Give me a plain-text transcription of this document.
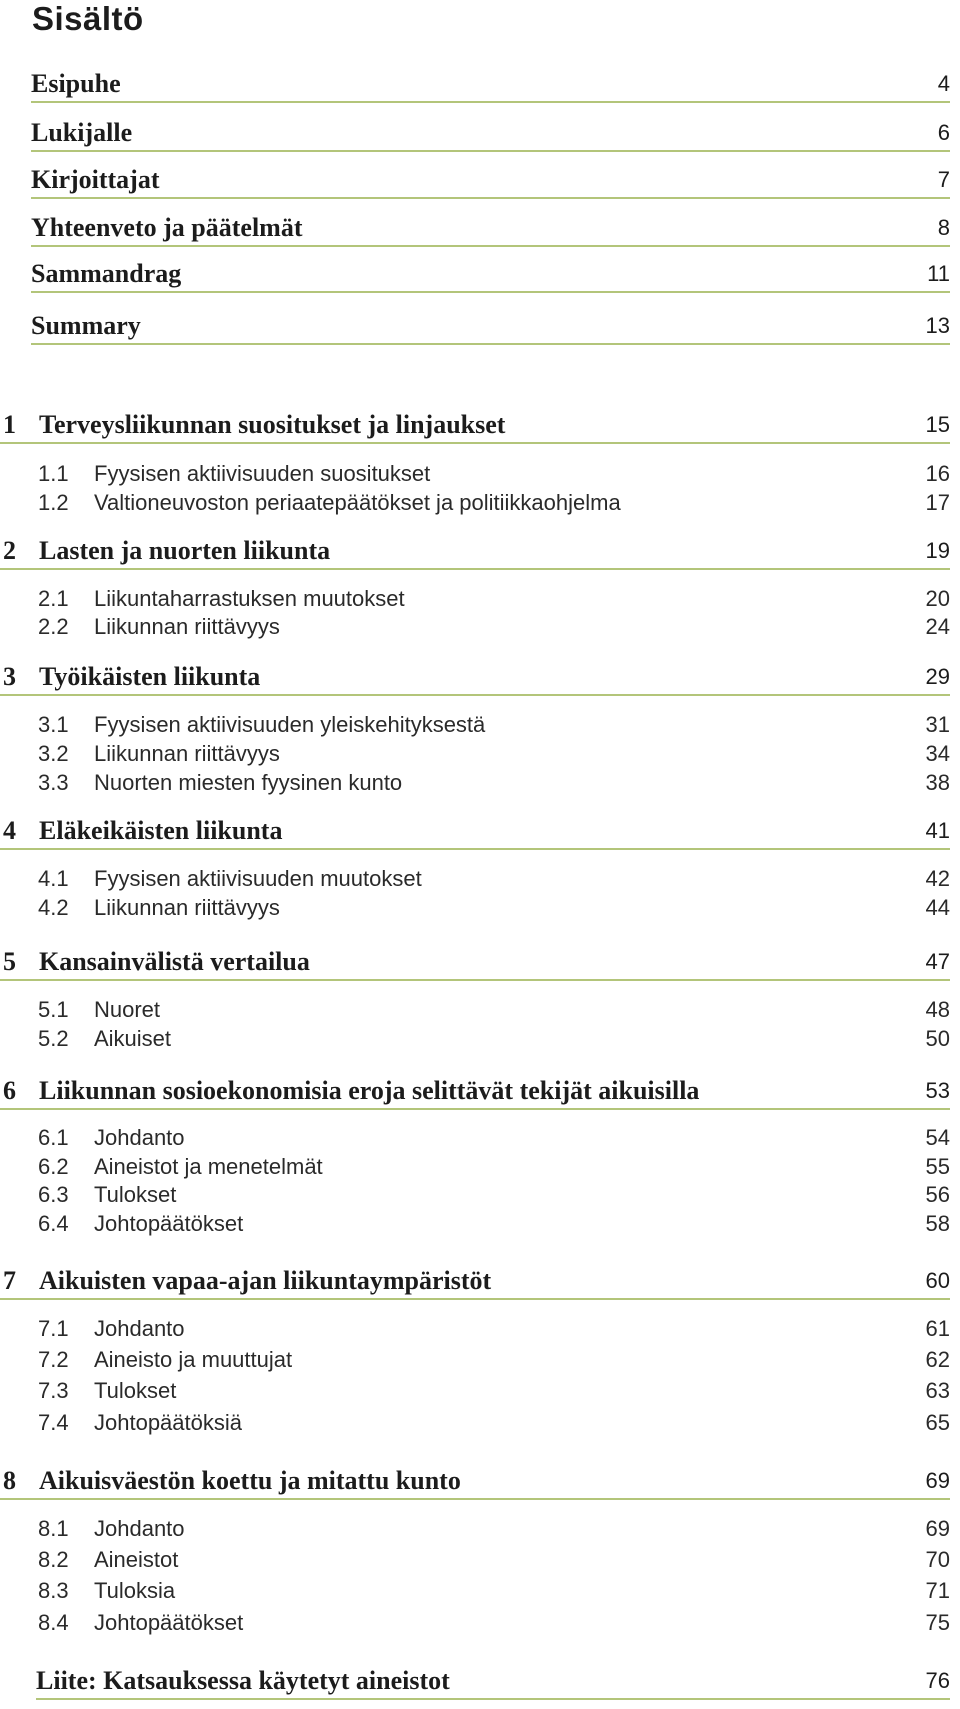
Sisältö
Esipuhe	4
Lukijalle	6
Kirjoittajat	7
Yhteenveto ja päätelmät	8
Sammandrag	11
Summary	13
1 Terveysliikunnan suositukset ja linjaukset	15
1.1	Fyysisen aktiivisuuden suositukset	16
1.2	Valtioneuvoston periaatepäätökset ja politiikkaohjelma	17
2 Lasten ja nuorten liikunta	19
2.1	Liikuntaharrastuksen muutokset	20
2.2	Liikunnan riittävyys	24
3 Työikäisten liikunta	29
3.1	Fyysisen aktiivisuuden yleiskehityksestä	31
3.2	Liikunnan riittävyys	34
3.3	Nuorten miesten fyysinen kunto	38
4 Eläkeikäisten liikunta	41
4.1	Fyysisen aktiivisuuden muutokset	42
4.2	Liikunnan riittävyys	44
5 Kansainvälistä vertailua	47
5.1	Nuoret	48
5.2	Aikuiset	50
6 Liikunnan sosioekonomisia eroja selittävät tekijät aikuisilla	53
6.1	Johdanto	54
6.2	Aineistot ja menetelmät	55
6.3	Tulokset	56
6.4	Johtopäätökset	58
7 Aikuisten vapaa-ajan liikuntaympäristöt	60
7.1	Johdanto	61
7.2	Aineisto ja muuttujat	62
7.3	Tulokset	63
7.4	Johtopäätöksiä	65
8 Aikuisväestön koettu ja mitattu kunto	69
8.1	Johdanto	69
8.2	Aineistot	70
8.3	Tuloksia	71
8.4	Johtopäätökset	75
Liite: Katsauksessa käytetyt aineistot	76
